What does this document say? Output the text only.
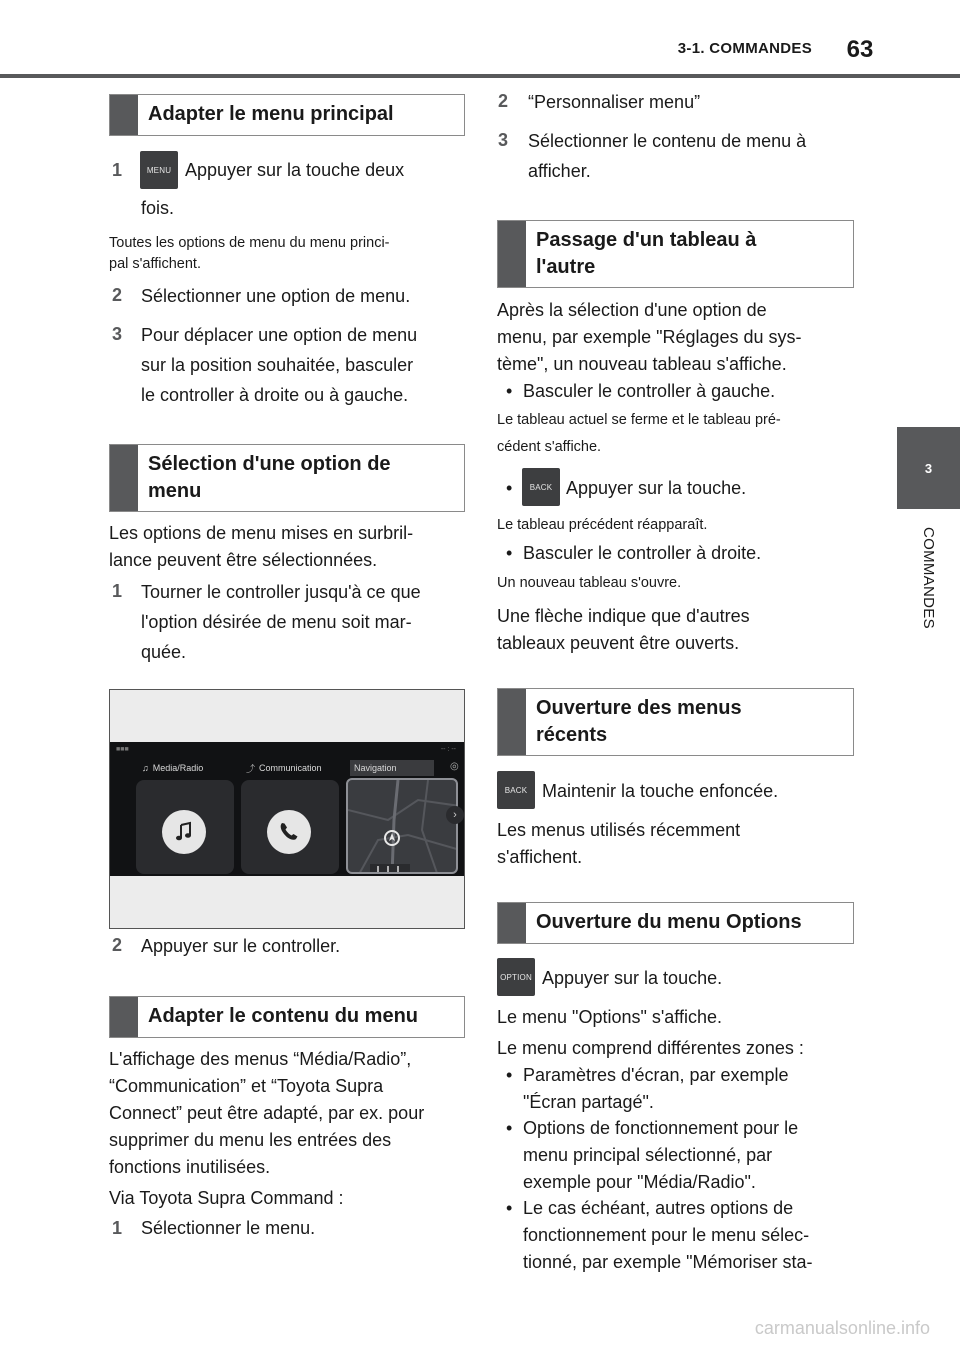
3-1. COMMANDES	63
3
COMMANDES
Adapter le menu principal
1	MENU Appuyer sur la touche deux
fois.
Toutes les options de menu du menu princi-
pal s'affichent.
2 Sélectionner une option de menu.
3 Pour déplacer une option de menu
sur la position souhaitée, basculer
le controller à droite ou à gauche.
Sélection d'une option de
menu
Les options de menu mises en surbril-
lance peuvent être sélectionnées.
1 Tourner le controller jusqu'à ce que
l'option désirée de menu soit mar-
quée.
■■■	-- : --
♫ Media/Radio	⤴ Communication	Navigation	◎
›
2 Appuyer sur le controller.
Adapter le contenu du menu
L'affichage des menus “Média/Radio”,
“Communication” et “Toyota Supra
Connect” peut être adapté, par ex. pour
supprimer du menu les entrées des
fonctions inutilisées.
Via Toyota Supra Command :
1 Sélectionner le menu.
2 “Personnaliser menu”
3 Sélectionner le contenu de menu à
afficher.
Passage d'un tableau à
l'autre
Après la sélection d'une option de
menu, par exemple "Réglages du sys-
tème", un nouveau tableau s'affiche.
• Basculer le controller à gauche.
Le tableau actuel se ferme et le tableau pré-
cédent s'affiche.
•	BACK Appuyer sur la touche.
Le tableau précédent réapparaît.
• Basculer le controller à droite.
Un nouveau tableau s'ouvre.
Une flèche indique que d'autres
tableaux peuvent être ouverts.
Ouverture des menus
récents
BACK Maintenir la touche enfoncée.
Les menus utilisés récemment
s'affichent.
Ouverture du menu Options
OPTION Appuyer sur la touche.
Le menu "Options" s'affiche.
Le menu comprend différentes zones :
• Paramètres d'écran, par exemple
"Écran partagé".
• Options de fonctionnement pour le
menu principal sélectionné, par
exemple pour "Média/Radio".
• Le cas échéant, autres options de
fonctionnement pour le menu sélec-
tionné, par exemple "Mémoriser sta-
carmanualsonline.info
